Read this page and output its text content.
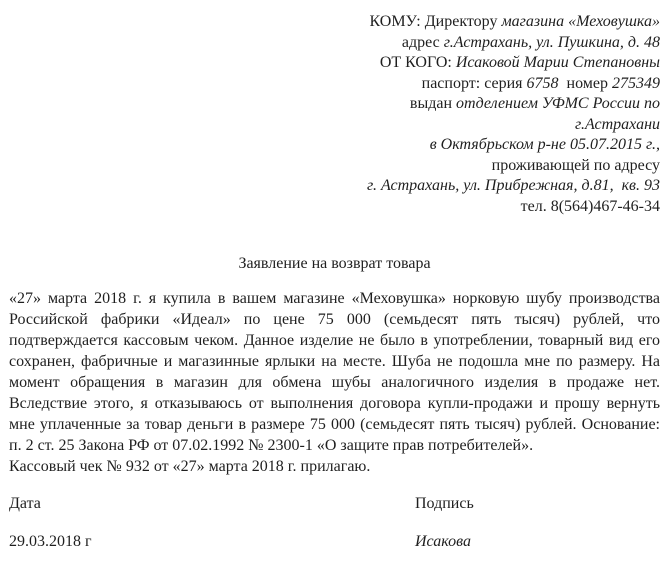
КОМУ: Директору магазина «Меховушка»
адрес г.Астрахань, ул. Пушкина, д. 48
ОТ КОГО: Исаковой Марии Степановны
паспорт: серия 6758  номер 275349
выдан отделением УФМС России по
г.Астрахани
в Октябрьском р-не 05.07.2015 г.,
проживающей по адресу
г. Астрахань, ул. Прибрежная, д.81,  кв. 93
тел. 8(564)467-46-34
Заявление на возврат товара

«27» марта 2018 г. я купила в вашем магазине «Меховушка» норковую шубу производства Российской фабрики «Идеал» по цене 75 000 (семьдесят пять тысяч) рублей, что подтверждается кассовым чеком. Данное изделие не было в употреблении, товарный вид его сохранен, фабричные и магазинные ярлыки на месте. Шуба не подошла мне по размеру. На момент обращения в магазин для обмена шубы аналогичного изделия в продаже нет. Вследствие этого, я отказываюсь от выполнения договора купли-продажи и прошу вернуть мне уплаченные за товар деньги в размере 75 000 (семьдесят пять тысяч) рублей. Основание: п. 2 ст. 25 Закона РФ от 07.02.1992 № 2300-1 «О защите прав потребителей».

Кассовый чек № 932 от «27» марта 2018 г. прилагаю.

Дата	Подпись
29.03.2018 г	Исакова
